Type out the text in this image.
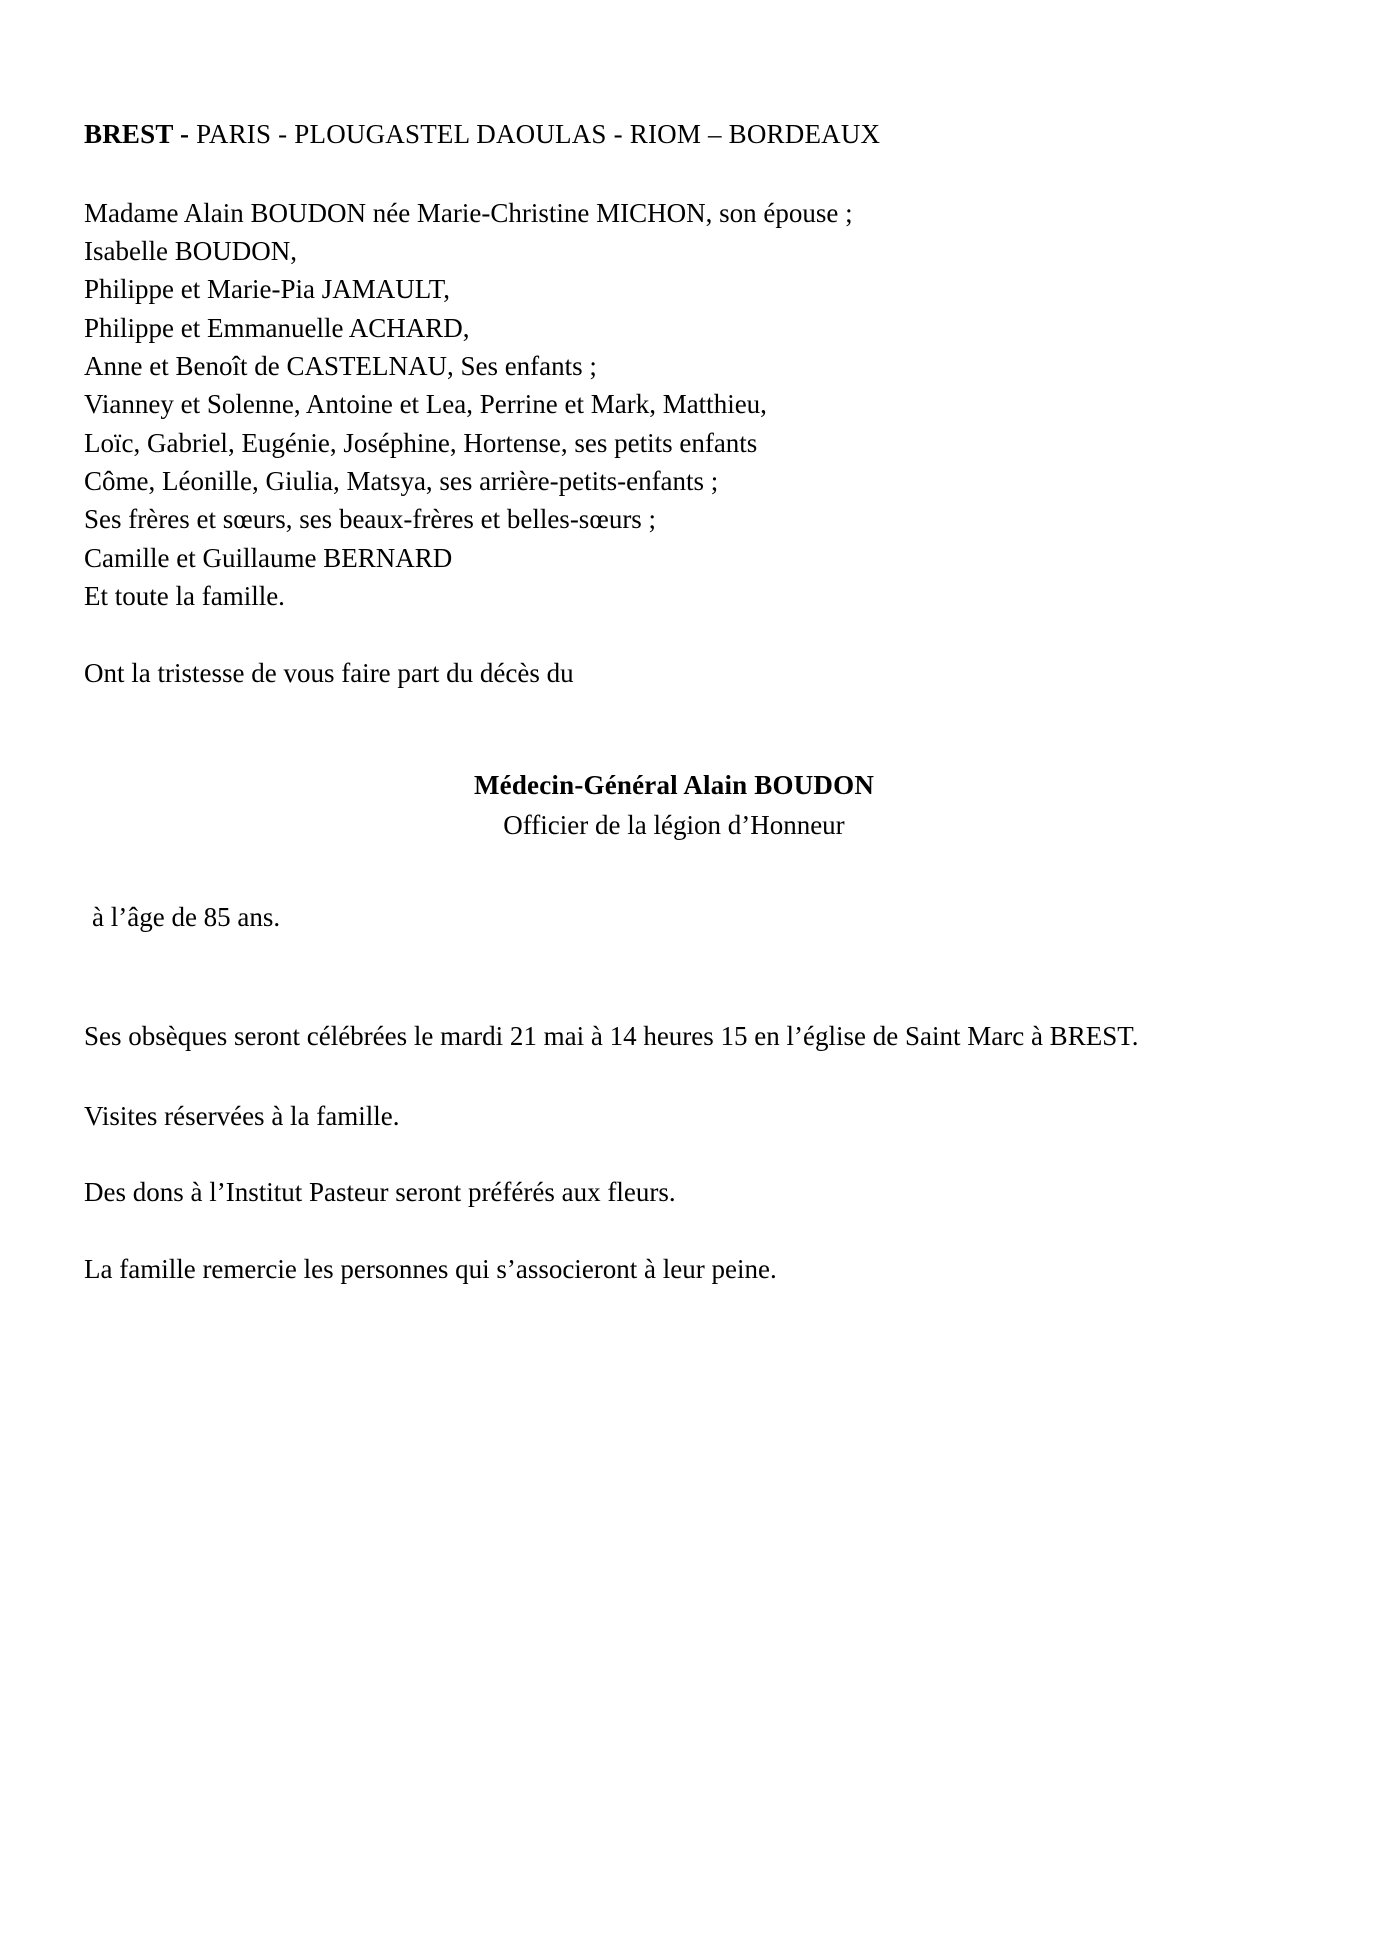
BREST - PARIS - PLOUGASTEL DAOULAS - RIOM – BORDEAUX
Madame Alain BOUDON née Marie-Christine MICHON, son épouse ;
Isabelle BOUDON,
Philippe et Marie-Pia JAMAULT,
Philippe et Emmanuelle ACHARD,
Anne et Benoît de CASTELNAU, Ses enfants ;
Vianney et Solenne, Antoine et Lea, Perrine et Mark, Matthieu,
Loïc, Gabriel, Eugénie, Joséphine, Hortense, ses petits enfants
Côme, Léonille, Giulia, Matsya, ses arrière-petits-enfants ;
Ses frères et sœurs, ses beaux-frères et belles-sœurs ;
Camille et Guillaume BERNARD
Et toute la famille.
Ont la tristesse de vous faire part du décès du
Médecin-Général Alain BOUDON
Officier de la légion d’Honneur
à l’âge de 85 ans.
Ses obsèques seront célébrées le mardi 21 mai à 14 heures 15 en l’église de Saint Marc à BREST.
Visites réservées à la famille.
Des dons à l’Institut Pasteur seront préférés aux fleurs.
La famille remercie les personnes qui s’associeront à leur peine.
